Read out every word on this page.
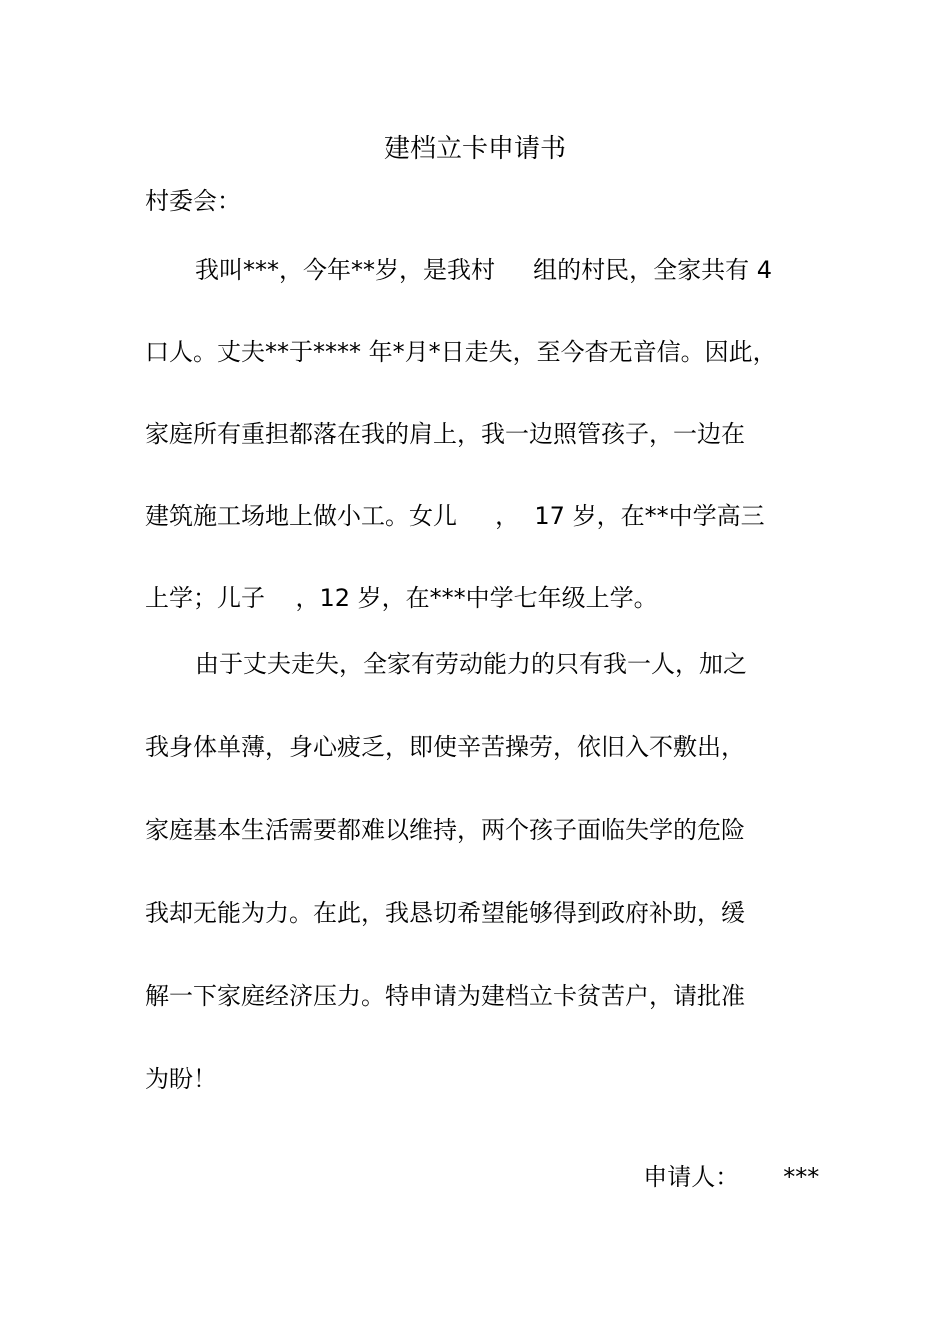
建档立卡申请书
村委会：
我叫***，今年**岁，是我村     组的村民，全家共有 4
口人。丈夫**于**** 年*月*日走失，至今杳无音信。因此，
家庭所有重担都落在我的肩上，我一边照管孩子，一边在
建筑施工场地上做小工。女儿     ，  17 岁，在**中学高三
上学；儿子    ，12 岁，在***中学七年级上学。
由于丈夫走失，全家有劳动能力的只有我一人，加之
我身体单薄，身心疲乏，即使辛苦操劳，依旧入不敷出，
家庭基本生活需要都难以维持，两个孩子面临失学的危险
我却无能为力。在此，我恳切希望能够得到政府补助，缓
解一下家庭经济压力。特申请为建档立卡贫苦户，请批准
为盼！

申请人： ***
